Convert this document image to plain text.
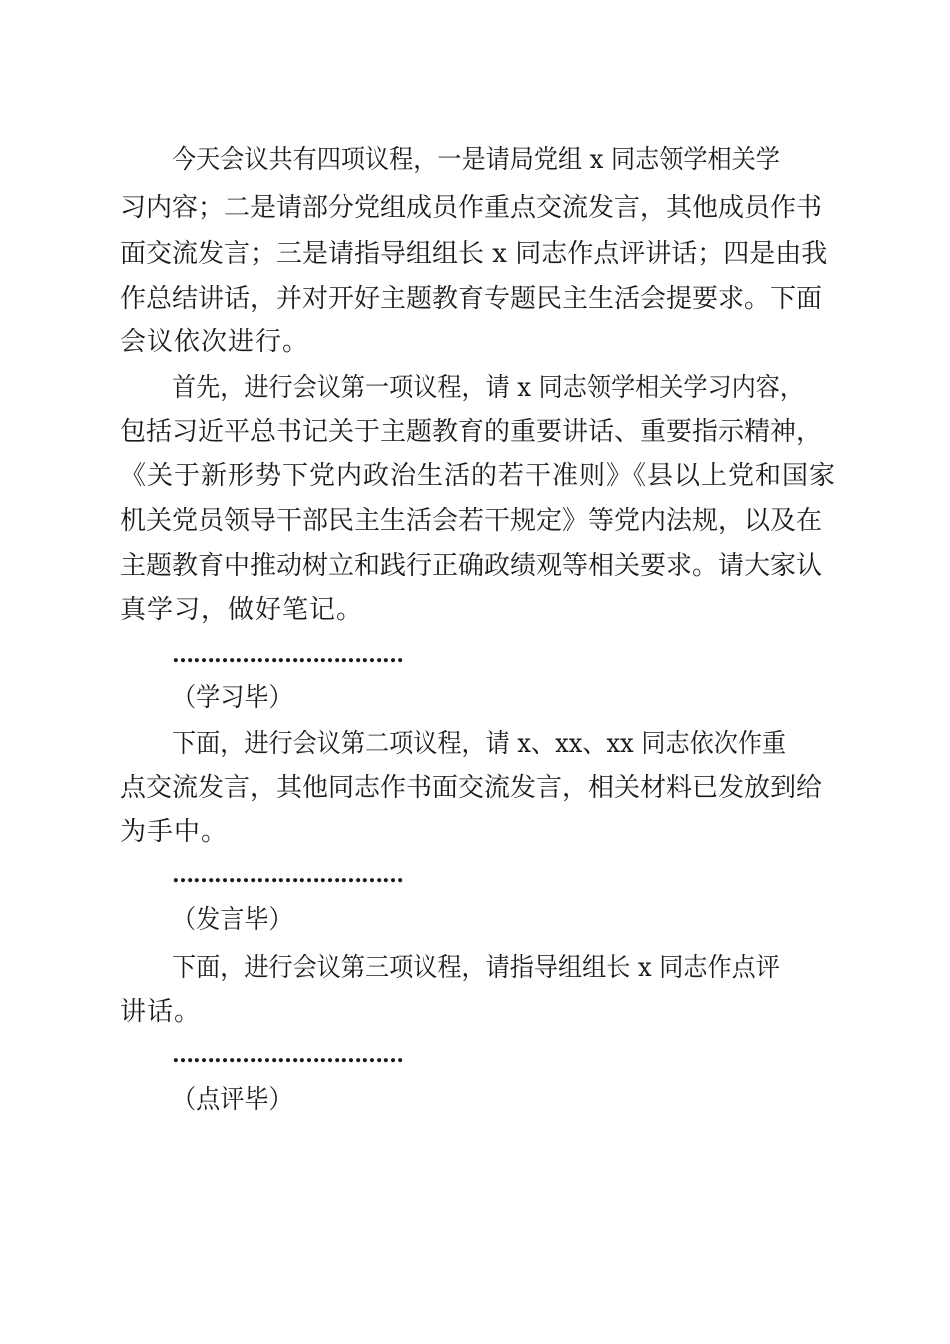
今天会议共有四项议程，一是请局党组 x 同志领学相关学
习内容；二是请部分党组成员作重点交流发言，其他成员作书
面交流发言；三是请指导组组长 x 同志作点评讲话；四是由我
作总结讲话，并对开好主题教育专题民主生活会提要求。下面
会议依次进行。
首先，进行会议第一项议程，请 x 同志领学相关学习内容，
包括习近平总书记关于主题教育的重要讲话、重要指示精神，
《关于新形势下党内政治生活的若干准则》《县以上党和国家
机关党员领导干部民主生活会若干规定》等党内法规，以及在
主题教育中推动树立和践行正确政绩观等相关要求。请大家认
真学习，做好笔记。
……………………………
（学习毕）
下面，进行会议第二项议程，请 x、xx、xx 同志依次作重
点交流发言，其他同志作书面交流发言，相关材料已发放到给
为手中。
……………………………
（发言毕）
下面，进行会议第三项议程，请指导组组长 x 同志作点评
讲话。
……………………………
（点评毕）
